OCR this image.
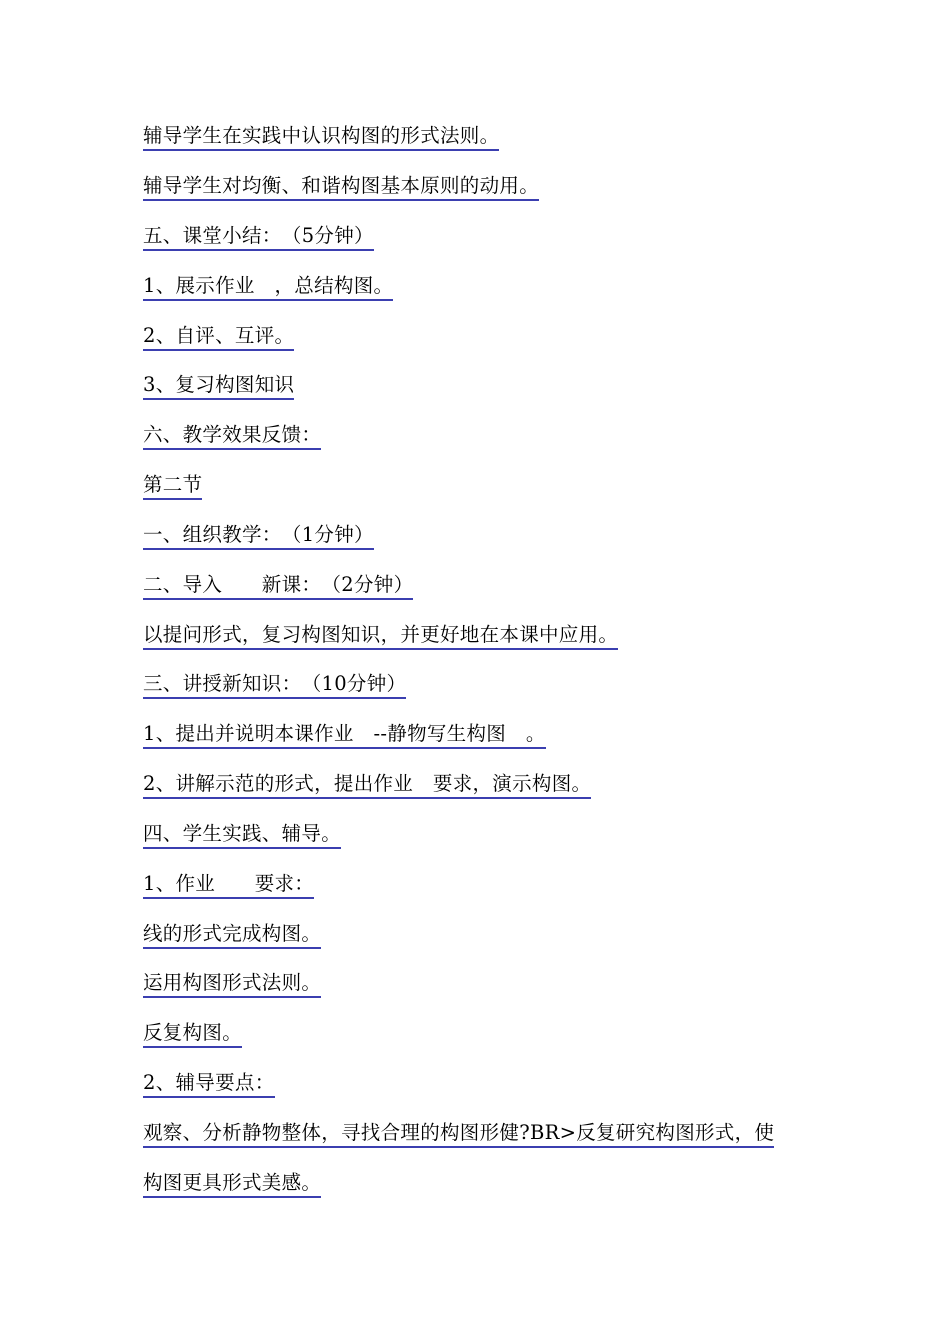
辅导学生在实践中认识构图的形式法则。
辅导学生对均衡、和谐构图基本原则的动用。
五、课堂小结：　（5分钟）
1、展示作业　，总结构图。
2、自评、互评。
3、复习构图知识
六、教学效果反馈：
第二节
一、组织教学：　（1分钟）
二、导入　　新课：　（2分钟）
以提问形式，复习构图知识，并更好地在本课中应用。
三、讲授新知识：　（10分钟）
1、提出并说明本课作业　--静物写生构图　。
2、讲解示范的形式，提出作业　要求，演示构图。
四、学生实践、辅导。
1、作业　　要求：
线的形式完成构图。
运用构图形式法则。
反复构图。
2、辅导要点：
观察、分析静物整体，寻找合理的构图形健?BR>反复研究构图形式，使
构图更具形式美感。
